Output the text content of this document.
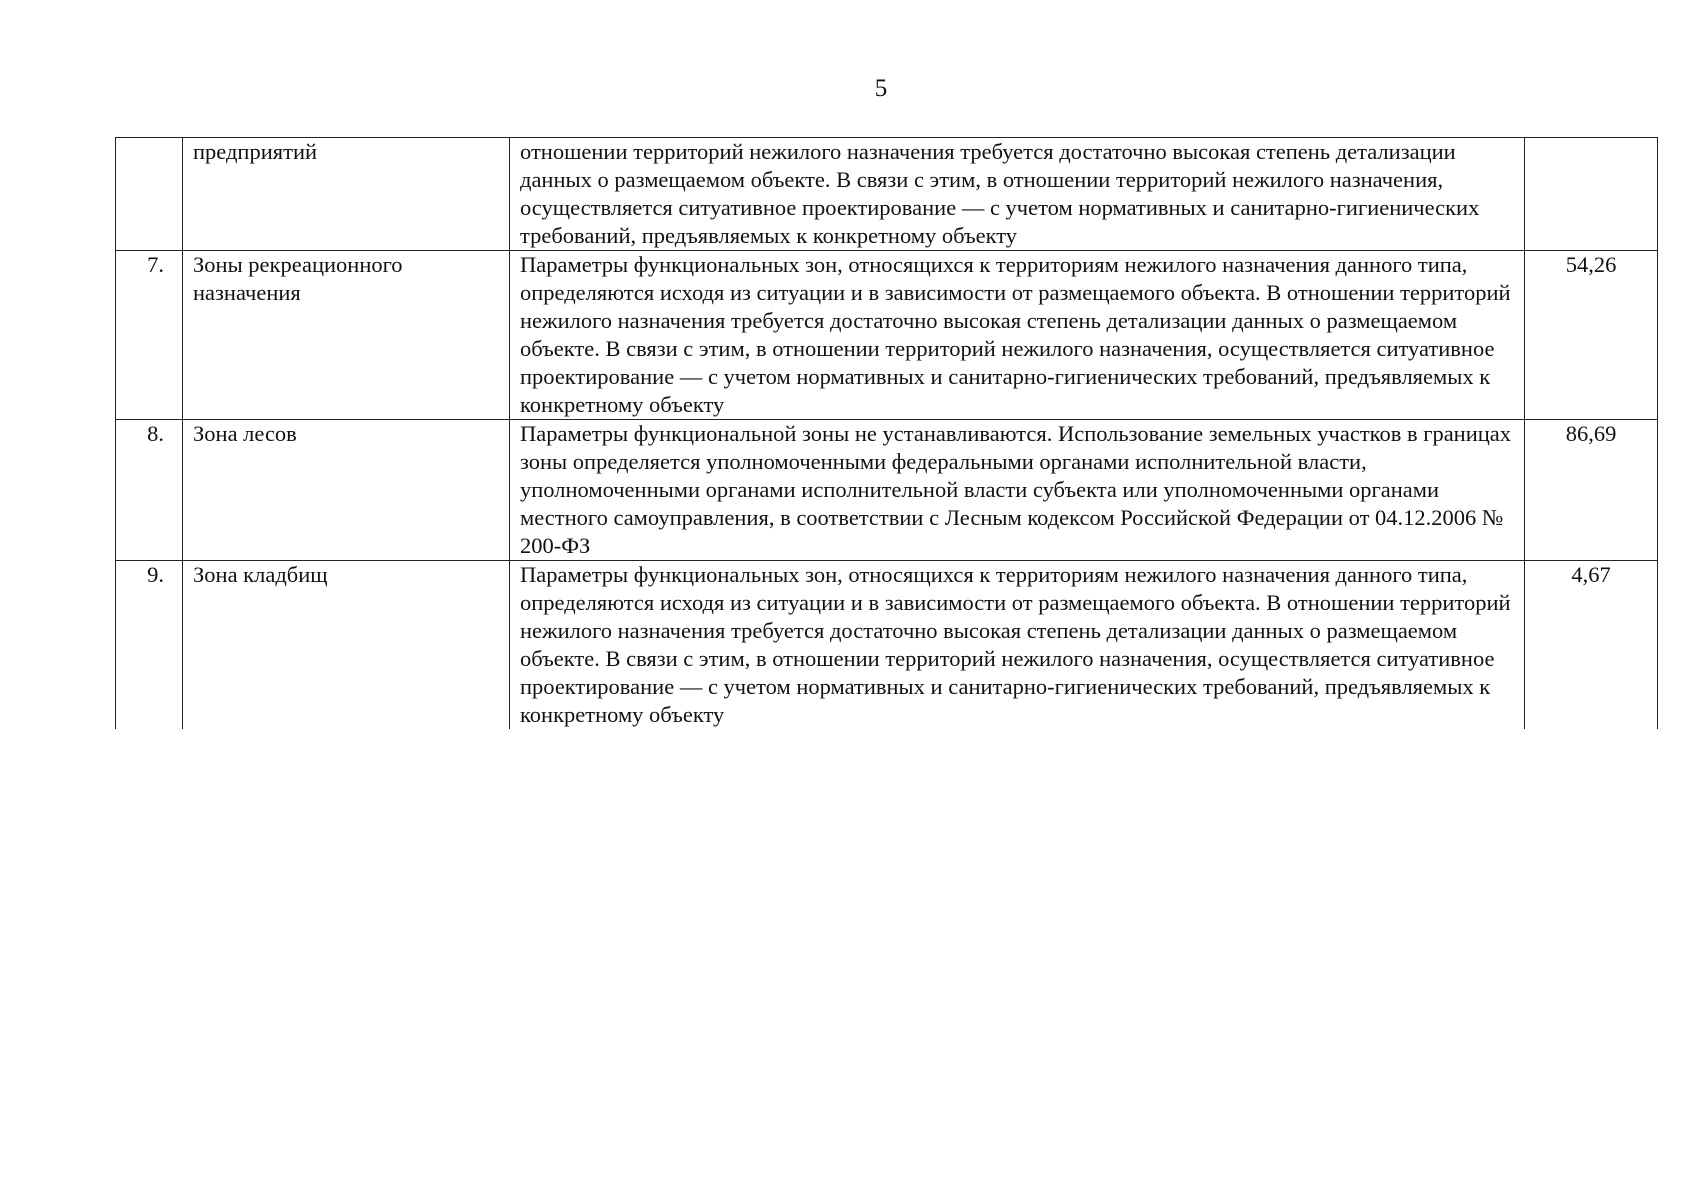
5

	предприятий	отношении территорий нежилого назначения требуется достаточно высокая степень детализации данных о размещаемом объекте. В связи с этим, в отношении территорий нежилого назначения, осуществляется ситуативное проектирование — с учетом нормативных и санитарно-гигиенических требований, предъявляемых к конкретному объекту	

7.	Зоны рекреационного назначения	Параметры функциональных зон, относящихся к территориям нежилого назначения данного типа, определяются исходя из ситуации и в зависимости от размещаемого объекта. В отношении территорий нежилого назначения требуется достаточно высокая степень детализации данных о размещаемом объекте. В связи с этим, в отношении территорий нежилого назначения, осуществляется ситуативное проектирование — с учетом нормативных и санитарно-гигиенических требований, предъявляемых к конкретному объекту	54,26

8.	Зона лесов	Параметры функциональной зоны не устанавливаются. Использование земельных участков в границах зоны определяется уполномоченными федеральными органами исполнительной власти, уполномоченными органами исполнительной власти субъекта или уполномоченными органами местного самоуправления, в соответствии с Лесным кодексом Российской Федерации от 04.12.2006 № 200-ФЗ	86,69

9.	Зона кладбищ	Параметры функциональных зон, относящихся к территориям нежилого назначения данного типа, определяются исходя из ситуации и в зависимости от размещаемого объекта. В отношении территорий нежилого назначения требуется достаточно высокая степень детализации данных о размещаемом объекте. В связи с этим, в отношении территорий нежилого назначения, осуществляется ситуативное проектирование — с учетом нормативных и санитарно-гигиенических требований, предъявляемых к конкретному объекту	4,67
